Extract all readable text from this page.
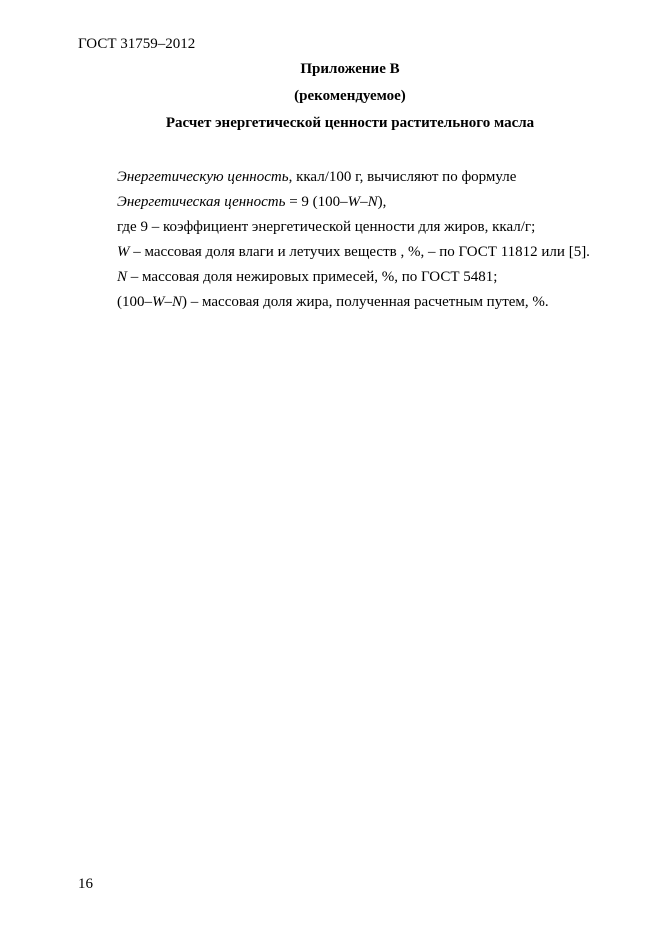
ГОСТ 31759–2012
Приложение В
(рекомендуемое)
Расчет энергетической ценности растительного масла
Энергетическую ценность, ккал/100 г, вычисляют по формуле
Энергетическая ценность = 9 (100–W–N),
где 9 – коэффициент энергетической ценности для жиров, ккал/г;
W – массовая доля влаги и летучих веществ , %, – по ГОСТ 11812 или [5].
N – массовая доля нежировых примесей, %, по ГОСТ 5481;
(100–W–N) – массовая доля жира, полученная расчетным путем, %.
16
